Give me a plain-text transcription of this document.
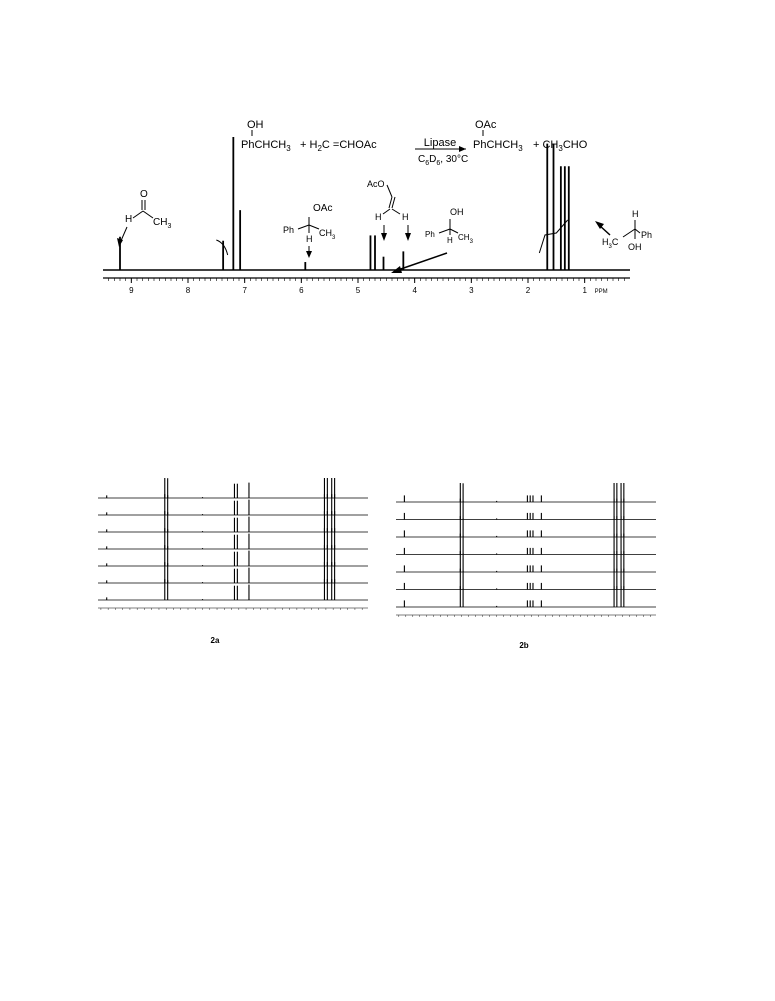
OH
PhCHCH$_3$ + $H_2C$ =CHOAc	Lipase
$C_6D_6$, 30°C
OAc
PhCHCH$_3$ + $CH_3CHO$
9	8	7	6	5	4	3	2	1 PPM
O
H $CH_3$
OAc
Ph	$CH_3$
H
AcO
H H	OH
Ph	$CH_3$
H
H
Ph
$H_3C$ OH
2a
2b
